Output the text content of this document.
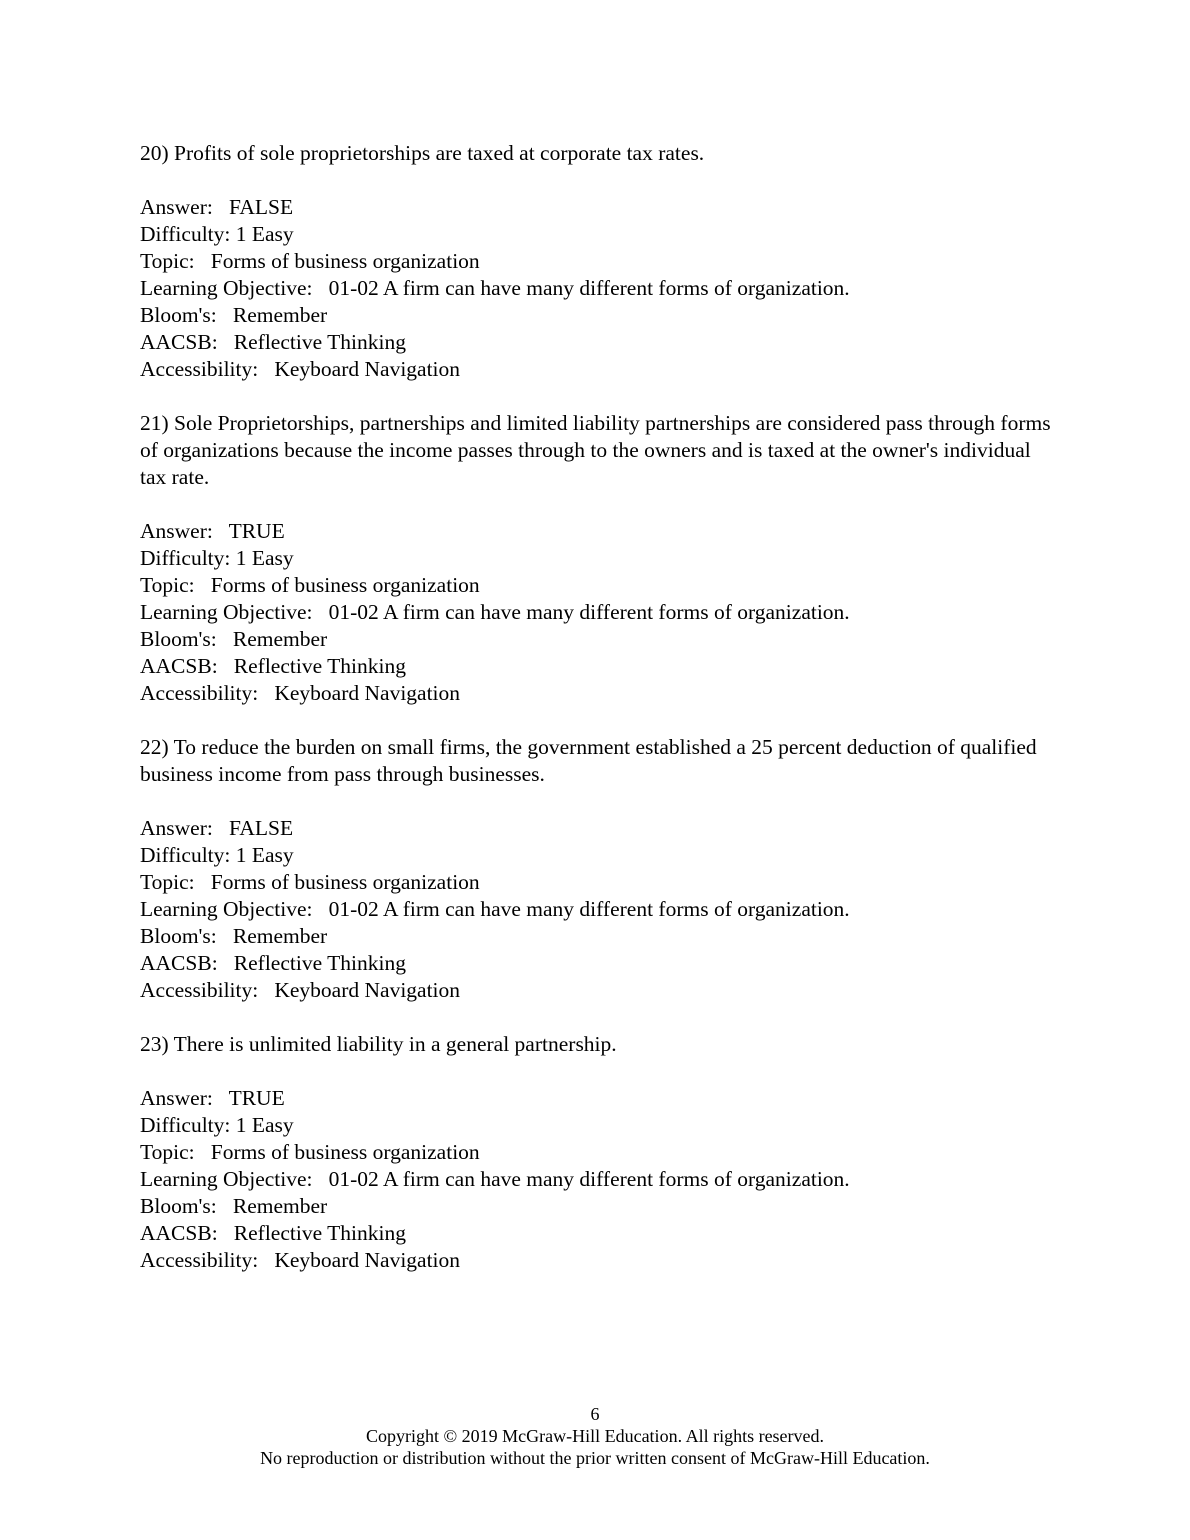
20) Profits of sole proprietorships are taxed at corporate tax rates.

Answer:   FALSE
Difficulty: 1 Easy
Topic:   Forms of business organization
Learning Objective:   01-02 A firm can have many different forms of organization.
Bloom's:   Remember
AACSB:   Reflective Thinking
Accessibility:   Keyboard Navigation

21) Sole Proprietorships, partnerships and limited liability partnerships are considered pass through forms of organizations because the income passes through to the owners and is taxed at the owner's individual tax rate.

Answer:   TRUE
Difficulty: 1 Easy
Topic:   Forms of business organization
Learning Objective:   01-02 A firm can have many different forms of organization.
Bloom's:   Remember
AACSB:   Reflective Thinking
Accessibility:   Keyboard Navigation

22) To reduce the burden on small firms, the government established a 25 percent deduction of qualified business income from pass through businesses.

Answer:   FALSE
Difficulty: 1 Easy
Topic:   Forms of business organization
Learning Objective:   01-02 A firm can have many different forms of organization.
Bloom's:   Remember
AACSB:   Reflective Thinking
Accessibility:   Keyboard Navigation

23) There is unlimited liability in a general partnership.

Answer:   TRUE
Difficulty: 1 Easy
Topic:   Forms of business organization
Learning Objective:   01-02 A firm can have many different forms of organization.
Bloom's:   Remember
AACSB:   Reflective Thinking
Accessibility:   Keyboard Navigation
6
Copyright © 2019 McGraw-Hill Education. All rights reserved.
No reproduction or distribution without the prior written consent of McGraw-Hill Education.
